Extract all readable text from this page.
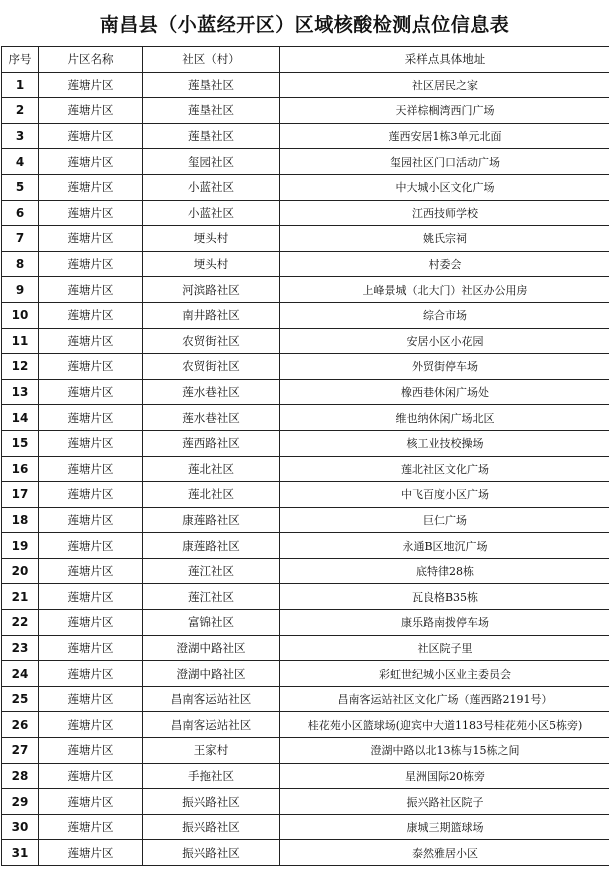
南昌县（小蓝经开区）区域核酸检测点位信息表
序号	片区名称	社区（村）	采样点具体地址
1	莲塘片区	莲垦社区	社区居民之家
2	莲塘片区	莲垦社区	天祥棕榈湾西门广场
3	莲塘片区	莲垦社区	莲西安居1栋3单元北面
4	莲塘片区	玺园社区	玺园社区门口活动广场
5	莲塘片区	小蓝社区	中大城小区文化广场
6	莲塘片区	小蓝社区	江西技师学校
7	莲塘片区	埂头村	姚氏宗祠
8	莲塘片区	埂头村	村委会
9	莲塘片区	河滨路社区	上峰景城（北大门）社区办公用房
10	莲塘片区	南井路社区	综合市场
11	莲塘片区	农贸街社区	安居小区小花园
12	莲塘片区	农贸街社区	外贸街停车场
13	莲塘片区	莲水巷社区	橡西巷休闲广场处
14	莲塘片区	莲水巷社区	维也纳休闲广场北区
15	莲塘片区	莲西路社区	核工业技校操场
16	莲塘片区	莲北社区	莲北社区文化广场
17	莲塘片区	莲北社区	中飞百度小区广场
18	莲塘片区	康莲路社区	巨仁广场
19	莲塘片区	康莲路社区	永通B区地沉广场
20	莲塘片区	莲江社区	底特律28栋
21	莲塘片区	莲江社区	瓦良格B35栋
22	莲塘片区	富锦社区	康乐路南拨停车场
23	莲塘片区	澄湖中路社区	社区院子里
24	莲塘片区	澄湖中路社区	彩虹世纪城小区业主委员会
25	莲塘片区	昌南客运站社区	昌南客运站社区文化广场（莲西路2191号）
26	莲塘片区	昌南客运站社区	桂花苑小区篮球场(迎宾中大道1183号桂花苑小区5栋旁)
27	莲塘片区	王家村	澄湖中路以北13栋与15栋之间
28	莲塘片区	手拖社区	星洲国际20栋旁
29	莲塘片区	振兴路社区	振兴路社区院子
30	莲塘片区	振兴路社区	康城三期篮球场
31	莲塘片区	振兴路社区	泰然雅居小区
